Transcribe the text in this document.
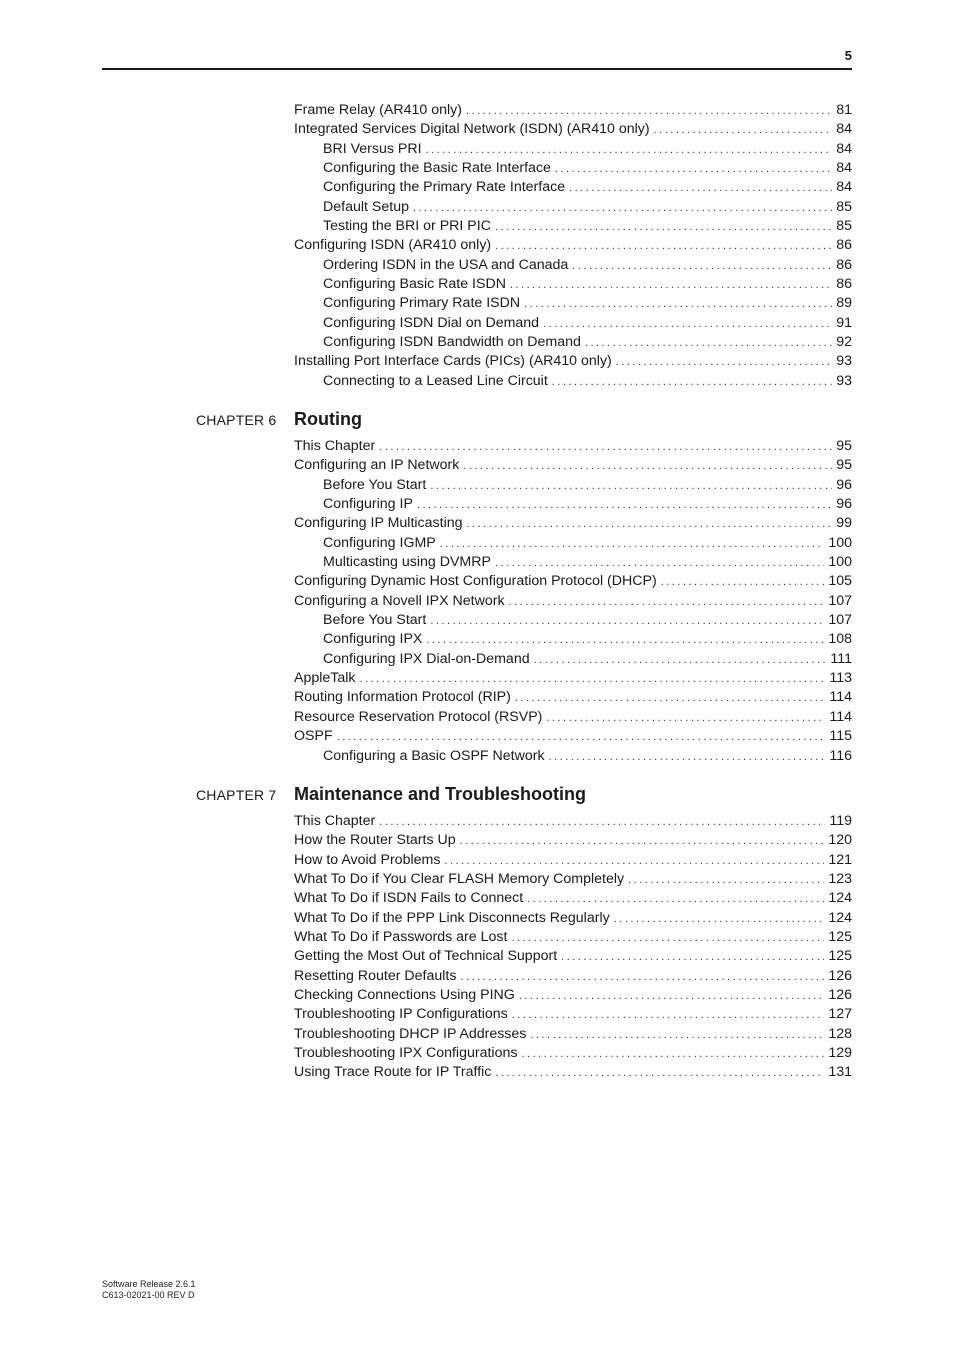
5
Frame Relay (AR410 only) .....	81
Integrated Services Digital Network (ISDN) (AR410 only) .....	84
BRI Versus PRI .....	84
Configuring the Basic Rate Interface .....	84
Configuring the Primary Rate Interface .....	84
Default Setup .....	85
Testing the BRI or PRI PIC .....	85
Configuring ISDN (AR410 only) .....	86
Ordering ISDN in the USA and Canada .....	86
Configuring Basic Rate ISDN .....	86
Configuring Primary Rate ISDN .....	89
Configuring ISDN Dial on Demand .....	91
Configuring ISDN Bandwidth on Demand .....	92
Installing Port Interface Cards (PICs) (AR410 only) .....	93
Connecting to a Leased Line Circuit .....	93
CHAPTER 6 Routing
This Chapter .....	95
Configuring an IP Network .....	95
Before You Start .....	96
Configuring IP .....	96
Configuring IP Multicasting .....	99
Configuring IGMP .....	100
Multicasting using DVMRP .....	100
Configuring Dynamic Host Configuration Protocol (DHCP) .....	105
Configuring a Novell IPX Network .....	107
Before You Start .....	107
Configuring IPX .....	108
Configuring IPX Dial-on-Demand .....	111
AppleTalk .....	113
Routing Information Protocol (RIP) .....	114
Resource Reservation Protocol (RSVP) .....	114
OSPF .....	115
Configuring a Basic OSPF Network .....	116
CHAPTER 7 Maintenance and Troubleshooting
This Chapter .....	119
How the Router Starts Up .....	120
How to Avoid Problems .....	121
What To Do if You Clear FLASH Memory Completely .....	123
What To Do if ISDN Fails to Connect .....	124
What To Do if the PPP Link Disconnects Regularly .....	124
What To Do if Passwords are Lost .....	125
Getting the Most Out of Technical Support .....	125
Resetting Router Defaults .....	126
Checking Connections Using PING .....	126
Troubleshooting IP Configurations .....	127
Troubleshooting DHCP IP Addresses .....	128
Troubleshooting IPX Configurations .....	129
Using Trace Route for IP Traffic .....	131
Software Release 2.6.1
C613-02021-00 REV D
